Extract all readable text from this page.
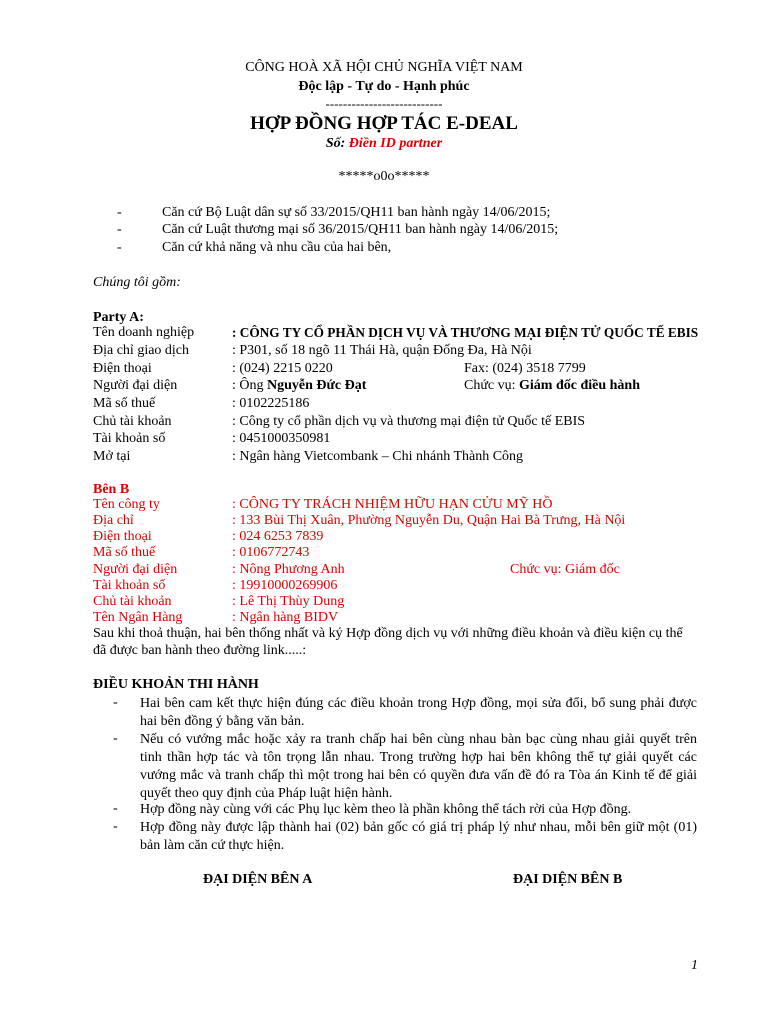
CÔNG HOÀ XÃ HỘI CHỦ NGHĨA VIỆT NAM
Độc lập - Tự do - Hạnh phúc
---------------------------
HỢP ĐỒNG HỢP TÁC E-DEAL
Số: Điền ID partner
*****o0o*****
-	Căn cứ Bộ Luật dân sự số 33/2015/QH11 ban hành ngày 14/06/2015;
-	Căn cứ Luật thương mại số 36/2015/QH11 ban hành ngày 14/06/2015;
-	Căn cứ khả năng và nhu cầu của hai bên,
Chúng tôi gồm:
Party A:
Tên doanh nghiệp	: CÔNG TY CỔ PHẦN DỊCH VỤ VÀ THƯƠNG MẠI ĐIỆN TỬ QUỐC TẾ EBIS
Địa chỉ giao dịch	: P301, số 18 ngõ 11 Thái Hà, quận Đống Đa, Hà Nội
Điện thoại	: (024) 2215 0220	Fax: (024) 3518 7799
Người đại diện	: Ông Nguyễn Đức Đạt	Chức vụ: Giám đốc điều hành
Mã số thuế	: 0102225186
Chủ tài khoản	: Công ty cổ phần dịch vụ và thương mại điện tử Quốc tế EBIS
Tài khoản số	: 0451000350981
Mở tại	: Ngân hàng Vietcombank – Chi nhánh Thành Công
Bên B
Tên công ty	: CÔNG TY TRÁCH NHIỆM HỮU HẠN CỬU MỸ HỒ
Địa chỉ	: 133 Bùi Thị Xuân, Phường Nguyễn Du, Quận Hai Bà Trưng, Hà Nội
Điện thoại	: 024 6253 7839
Mã số thuế	: 0106772743
Người đại diện	: Nông Phương Anh	Chức vụ: Giám đốc
Tài khoản số	: 19910000269906
Chủ tài khoản	: Lê Thị Thùy Dung
Tên Ngân Hàng	: Ngân hàng BIDV
Sau khi thoả thuận, hai bên thống nhất và ký Hợp đồng dịch vụ với những điều khoản và điều kiện cụ thể
đã được ban hành theo đường link.....:
ĐIỀU KHOẢN THI HÀNH
- Hai bên cam kết thực hiện đúng các điều khoản trong Hợp đồng, mọi sửa đổi, bổ sung phải được hai bên đồng ý bằng văn bản.
- Nếu có vướng mắc hoặc xảy ra tranh chấp hai bên cùng nhau bàn bạc cùng nhau giải quyết trên tinh thần hợp tác và tôn trọng lẫn nhau. Trong trường hợp hai bên không thể tự giải quyết các vướng mắc và tranh chấp thì một trong hai bên có quyền đưa vấn đề đó ra Tòa án Kinh tế để giải quyết theo quy định của Pháp luật hiện hành.
- Hợp đồng này cùng với các Phụ lục kèm theo là phần không thể tách rời của Hợp đồng.
- Hợp đồng này được lập thành hai (02) bản gốc có giá trị pháp lý như nhau, mỗi bên giữ một (01) bản làm căn cứ thực hiện.
ĐẠI DIỆN BÊN A	ĐẠI DIỆN BÊN B
1
